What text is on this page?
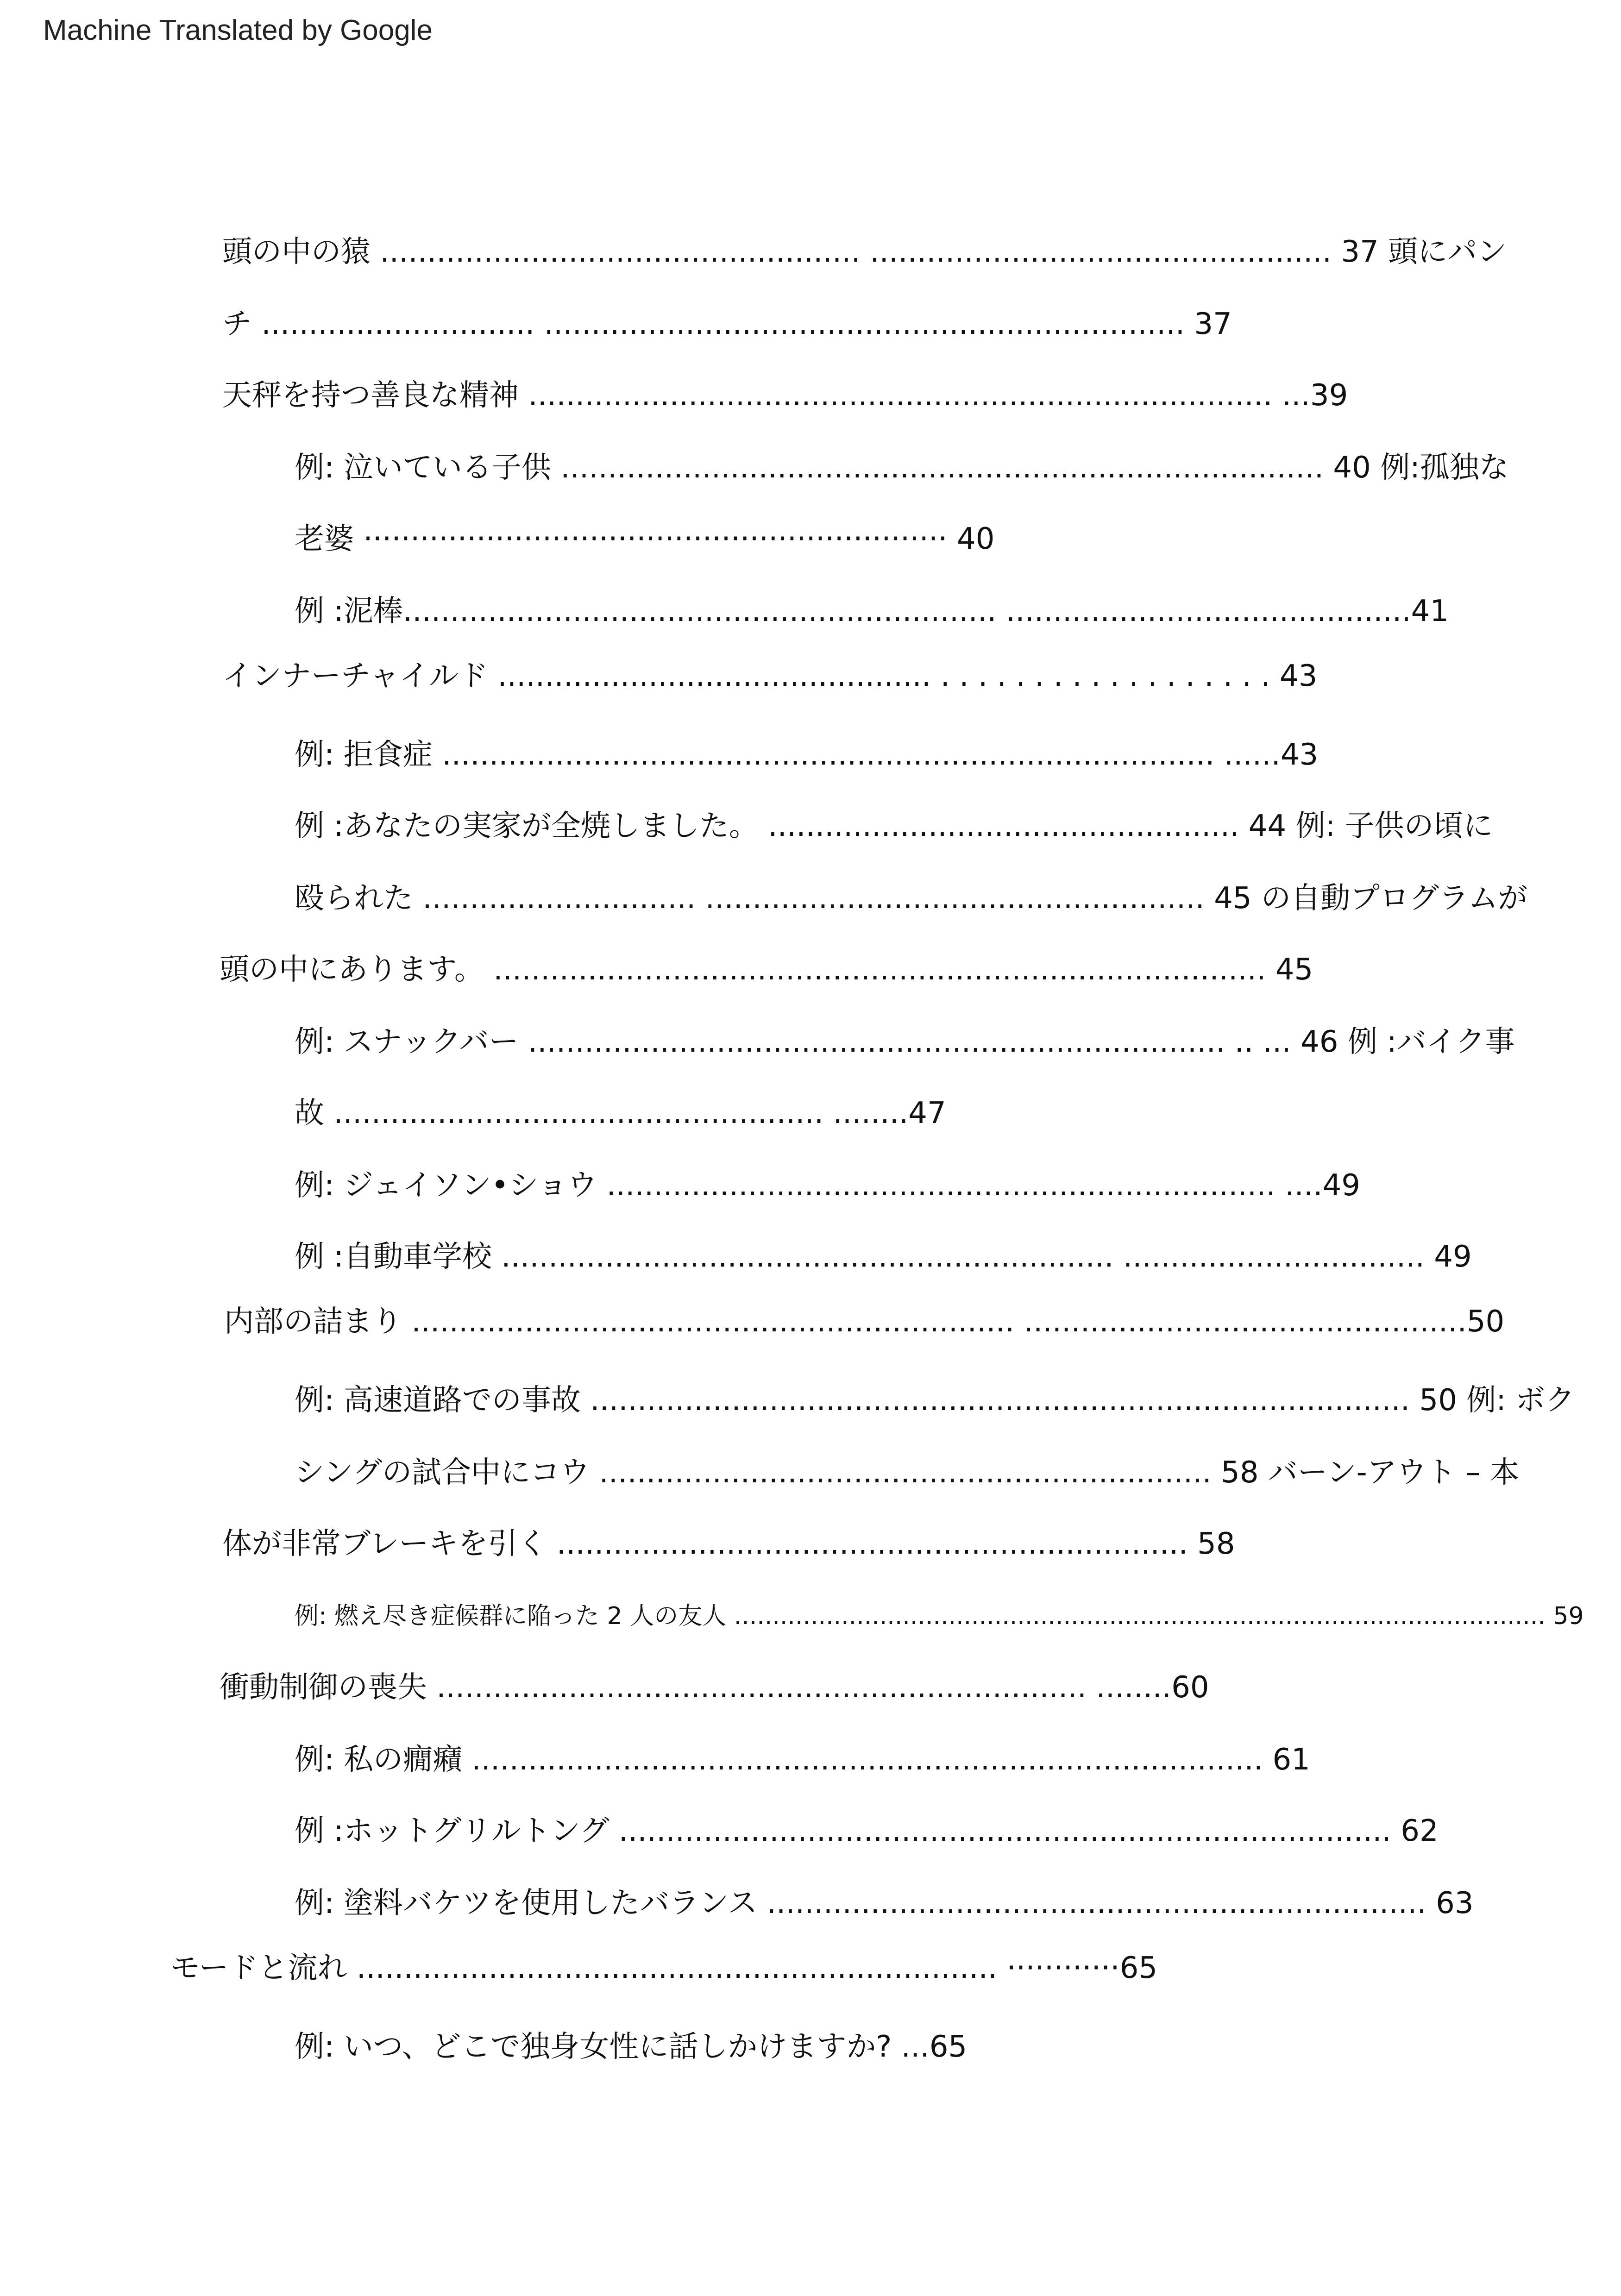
Machine Translated by Google
頭の中の猿 ................................................... ................................................. 37 頭にパン
チ ............................. .................................................................... 37
天秤を持つ善良な精神 ............................................................................... ...39
例: 泣いている子供 ................................................................................. 40 例:孤独な
老婆 ······························································ 40
例 :泥棒............................................................... ...........................................41
インナーチャイルド .............................................. . . . . . . . . . . . . . . . . . . 43
例: 拒食症 .................................................................................. ......43
例 :あなたの実家が全焼しました。 .................................................. 44 例: 子供の頃に
殴られた ............................. ..................................................... 45 の自動プログラムが
頭の中にあります。 .................................................................................. 45
例: スナックバー .......................................................................... .. ... 46 例 :バイク事
故 .................................................... ........47
例: ジェイソン•ショウ ....................................................................... ....49
例 :自動車学校 ................................................................. ................................ 49
内部の詰まり ................................................................ ...............................................50
例: 高速道路での事故 ....................................................................................... 50 例: ボク
シングの試合中にコウ ................................................................. 58 バーン-アウト – 本
体が非常ブレーキを引く ................................................................... 58
例: 燃え尽き症候群に陥った 2 人の友人 .......................................................................................................... 59
衝動制御の喪失 ..................................................................... ........60
例: 私の癇癪 .................................................................................... 61
例 :ホットグリルトング .................................................................................. 62
例: 塗料バケツを使用したバランス ...................................................................... 63
モードと流れ .................................................................... ············65
例: いつ、どこで独身女性に話しかけますか? ...65
